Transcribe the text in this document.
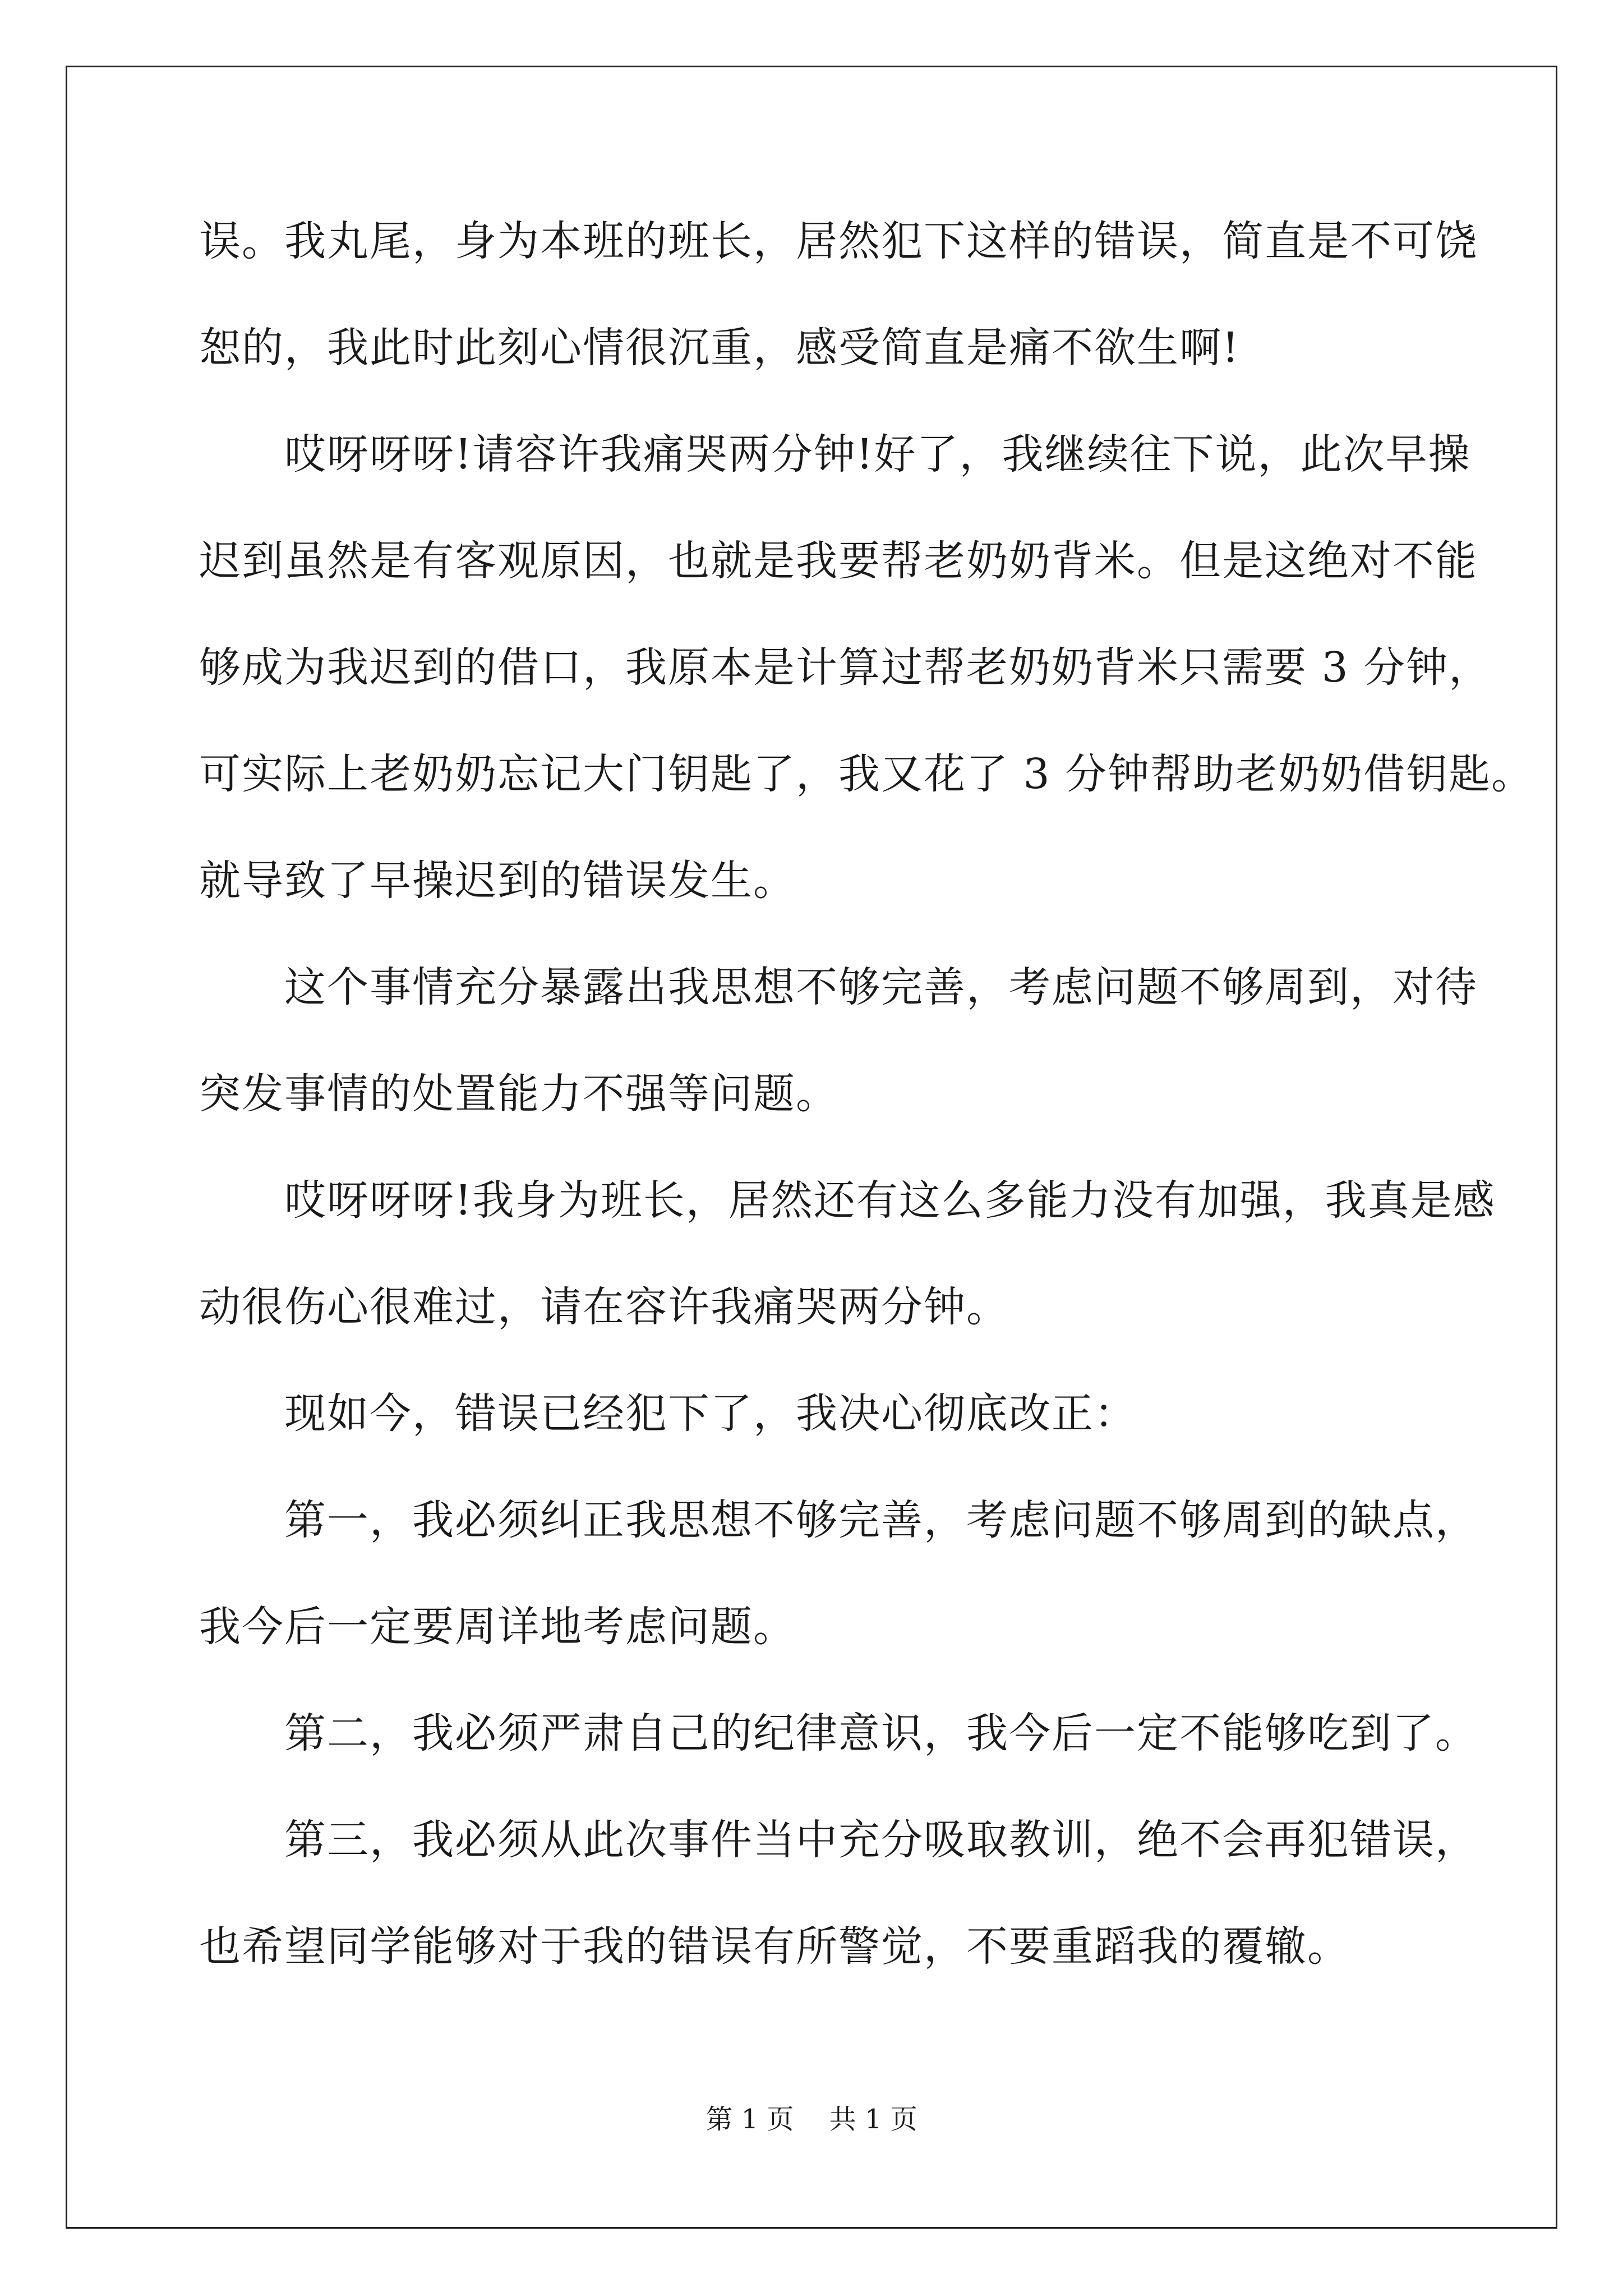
误。我丸尾，身为本班的班长，居然犯下这样的错误，简直是不可饶
恕的，我此时此刻心情很沉重，感受简直是痛不欲生啊!
　　哎呀呀呀!请容许我痛哭两分钟!好了，我继续往下说，此次早操
迟到虽然是有客观原因，也就是我要帮老奶奶背米。但是这绝对不能
够成为我迟到的借口，我原本是计算过帮老奶奶背米只需要 3 分钟，
可实际上老奶奶忘记大门钥匙了，我又花了 3 分钟帮助老奶奶借钥匙。
就导致了早操迟到的错误发生。
　　这个事情充分暴露出我思想不够完善，考虑问题不够周到，对待
突发事情的处置能力不强等问题。
　　哎呀呀呀!我身为班长，居然还有这么多能力没有加强，我真是感
动很伤心很难过，请在容许我痛哭两分钟。
　　现如今，错误已经犯下了，我决心彻底改正：
　　第一，我必须纠正我思想不够完善，考虑问题不够周到的缺点，
我今后一定要周详地考虑问题。
　　第二，我必须严肃自己的纪律意识，我今后一定不能够吃到了。
　　第三，我必须从此次事件当中充分吸取教训，绝不会再犯错误，
也希望同学能够对于我的错误有所警觉，不要重蹈我的覆辙。
第 1 页　 共 1 页
